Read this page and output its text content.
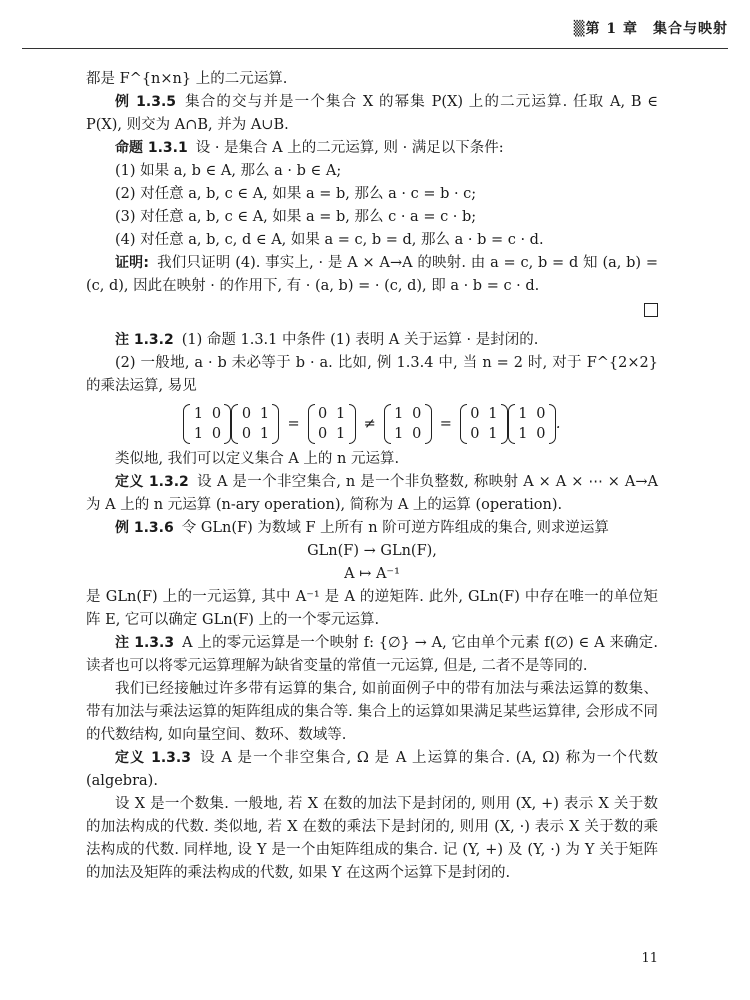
▒第 1 章　集合与映射

都是 F^{n×n} 上的二元运算.

例 1.3.5 集合的交与并是一个集合 X 的幂集 P(X) 上的二元运算. 任取 A, B ∈ P(X), 则交为 A∩B, 并为 A∪B.

命题 1.3.1 设 · 是集合 A 上的二元运算, 则 · 满足以下条件:

(1) 如果 a, b ∈ A, 那么 a · b ∈ A;

(2) 对任意 a, b, c ∈ A, 如果 a = b, 那么 a · c = b · c;

(3) 对任意 a, b, c ∈ A, 如果 a = b, 那么 c · a = c · b;

(4) 对任意 a, b, c, d ∈ A, 如果 a = c, b = d, 那么 a · b = c · d.

证明: 我们只证明 (4). 事实上, · 是 A × A→A 的映射. 由 a = c, b = d 知 (a, b) = (c, d), 因此在映射 · 的作用下, 有 · (a, b) = · (c, d), 即 a · b = c · d.

注 1.3.2 (1) 命题 1.3.1 中条件 (1) 表明 A 关于运算 · 是封闭的.

(2) 一般地, a · b 未必等于 b · a. 比如, 例 1.3.4 中, 当 n = 2 时, 对于 F^{2×2} 的乘法运算, 易见

1 0
1 0
0 1
0 1
=
0 1
0 1
≠
1 0
1 0
=
0 1
0 1
1 0
1 0
.

类似地, 我们可以定义集合 A 上的 n 元运算.

定义 1.3.2 设 A 是一个非空集合, n 是一个非负整数, 称映射 A × A × ⋯ × A→A 为 A 上的 n 元运算 (n-ary operation), 简称为 A 上的运算 (operation).

例 1.3.6 令 GLn(F) 为数域 F 上所有 n 阶可逆方阵组成的集合, 则求逆运算

GLn(F) → GLn(F),

A ↦ A⁻¹

是 GLn(F) 上的一元运算, 其中 A⁻¹ 是 A 的逆矩阵. 此外, GLn(F) 中存在唯一的单位矩阵 E, 它可以确定 GLn(F) 上的一个零元运算.

注 1.3.3 A 上的零元运算是一个映射 f: {∅} → A, 它由单个元素 f(∅) ∈ A 来确定. 读者也可以将零元运算理解为缺省变量的常值一元运算, 但是, 二者不是等同的.

我们已经接触过许多带有运算的集合, 如前面例子中的带有加法与乘法运算的数集、带有加法与乘法运算的矩阵组成的集合等. 集合上的运算如果满足某些运算律, 会形成不同的代数结构, 如向量空间、数环、数域等.

定义 1.3.3 设 A 是一个非空集合, Ω 是 A 上运算的集合. (A, Ω) 称为一个代数 (algebra).

设 X 是一个数集. 一般地, 若 X 在数的加法下是封闭的, 则用 (X, +) 表示 X 关于数的加法构成的代数. 类似地, 若 X 在数的乘法下是封闭的, 则用 (X, ·) 表示 X 关于数的乘法构成的代数. 同样地, 设 Y 是一个由矩阵组成的集合. 记 (Y, +) 及 (Y, ·) 为 Y 关于矩阵的加法及矩阵的乘法构成的代数, 如果 Y 在这两个运算下是封闭的.

11
